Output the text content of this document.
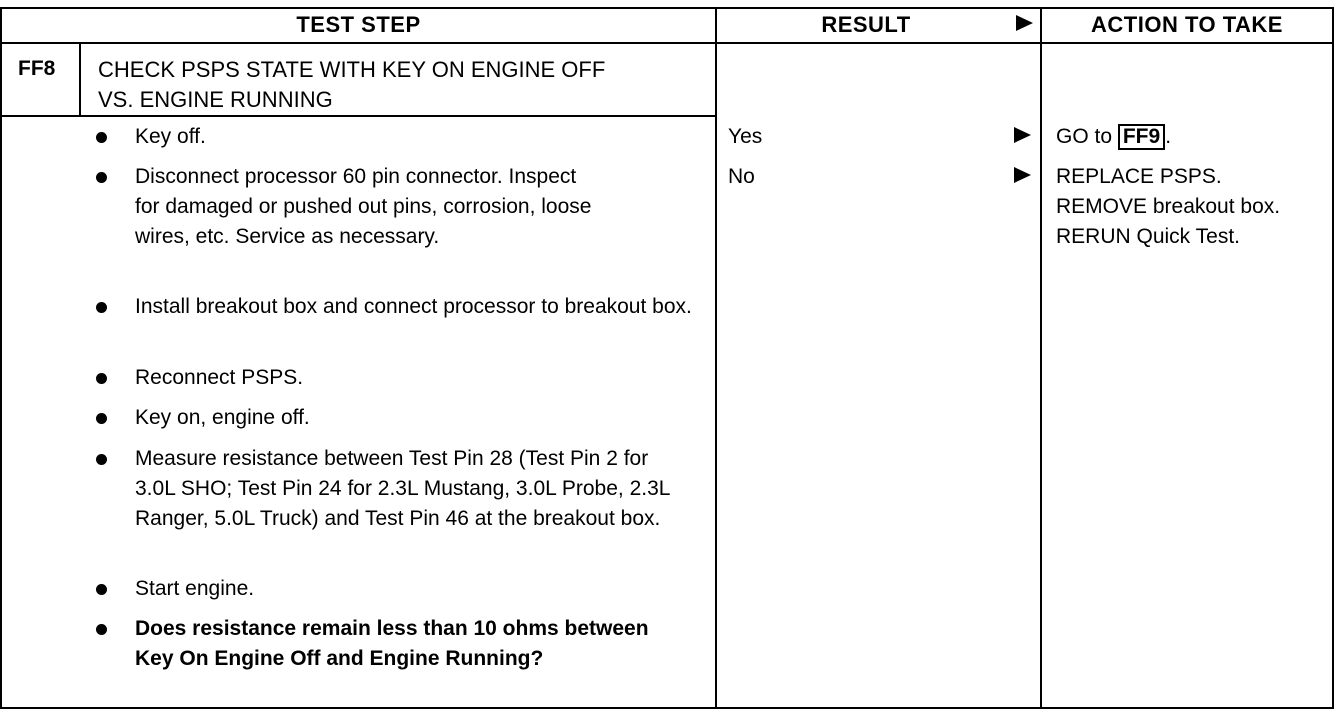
TEST STEP	RESULT	ACTION TO TAKE
FF8 CHECK PSPS STATE WITH KEY ON ENGINE OFF
VS. ENGINE RUNNING
Key off.
Disconnect processor 60 pin connector. Inspect for damaged or pushed out pins, corrosion, loose wires, etc. Service as necessary.
Install breakout box and connect processor to breakout box.
Reconnect PSPS.
Key on, engine off.
Measure resistance between Test Pin 28 (Test Pin 2 for 3.0L SHO; Test Pin 24 for 2.3L Mustang, 3.0L Probe, 2.3L Ranger, 5.0L Truck) and Test Pin 46 at the breakout box.
Start engine.
Does resistance remain less than 10 ohms between Key On Engine Off and Engine Running?
Yes
No
GO to FF9 .
REPLACE PSPS. REMOVE breakout box. RERUN Quick Test.
